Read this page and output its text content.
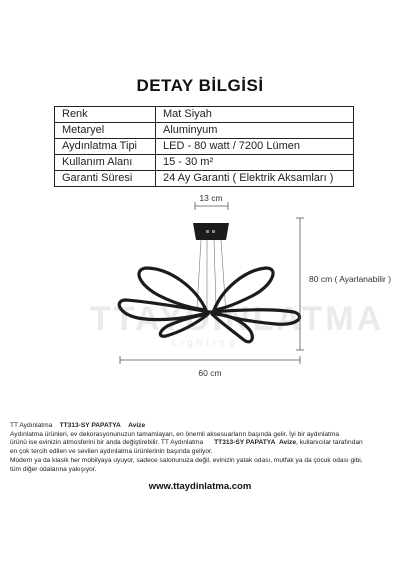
DETAY BİLGİSİ
Renk	Mat Siyah
Metaryel	Aluminyum
Aydınlatma Tipi	LED - 80 watt / 7200 Lümen
Kullanım Alanı	15 - 30 m²
Garanti Süresi	24 Ay Garanti ( Elektrik Aksamları )
TTAYDINLATMA
Lighting
13 cm
80 cm ( Ayarlanabilir )
60 cm
TT Aydınlatma TT313-SY PAPATYA Avize
Aydınlatma ürünleri, ev dekorasyonunuzun tamamlayan, en önemli aksesuarların başında gelir. İyi bir aydınlatma
ürünü ise evinizin atmosferini bir anda değiştirebilir. TT Aydınlatma TT313-SY PAPATYA Avize, kullanıcılar tarafından
en çok tercih edilen ve sevilen aydınlatma ürünlerinin başında geliyor.
Modern ya da klasik her mobilyaya uyuyor, sadece salonunuza değil, evinizin yatak odası, mutfak ya da çocuk odası gibi,
tüm diğer odalarına yakışıyor.
www.ttaydinlatma.com
